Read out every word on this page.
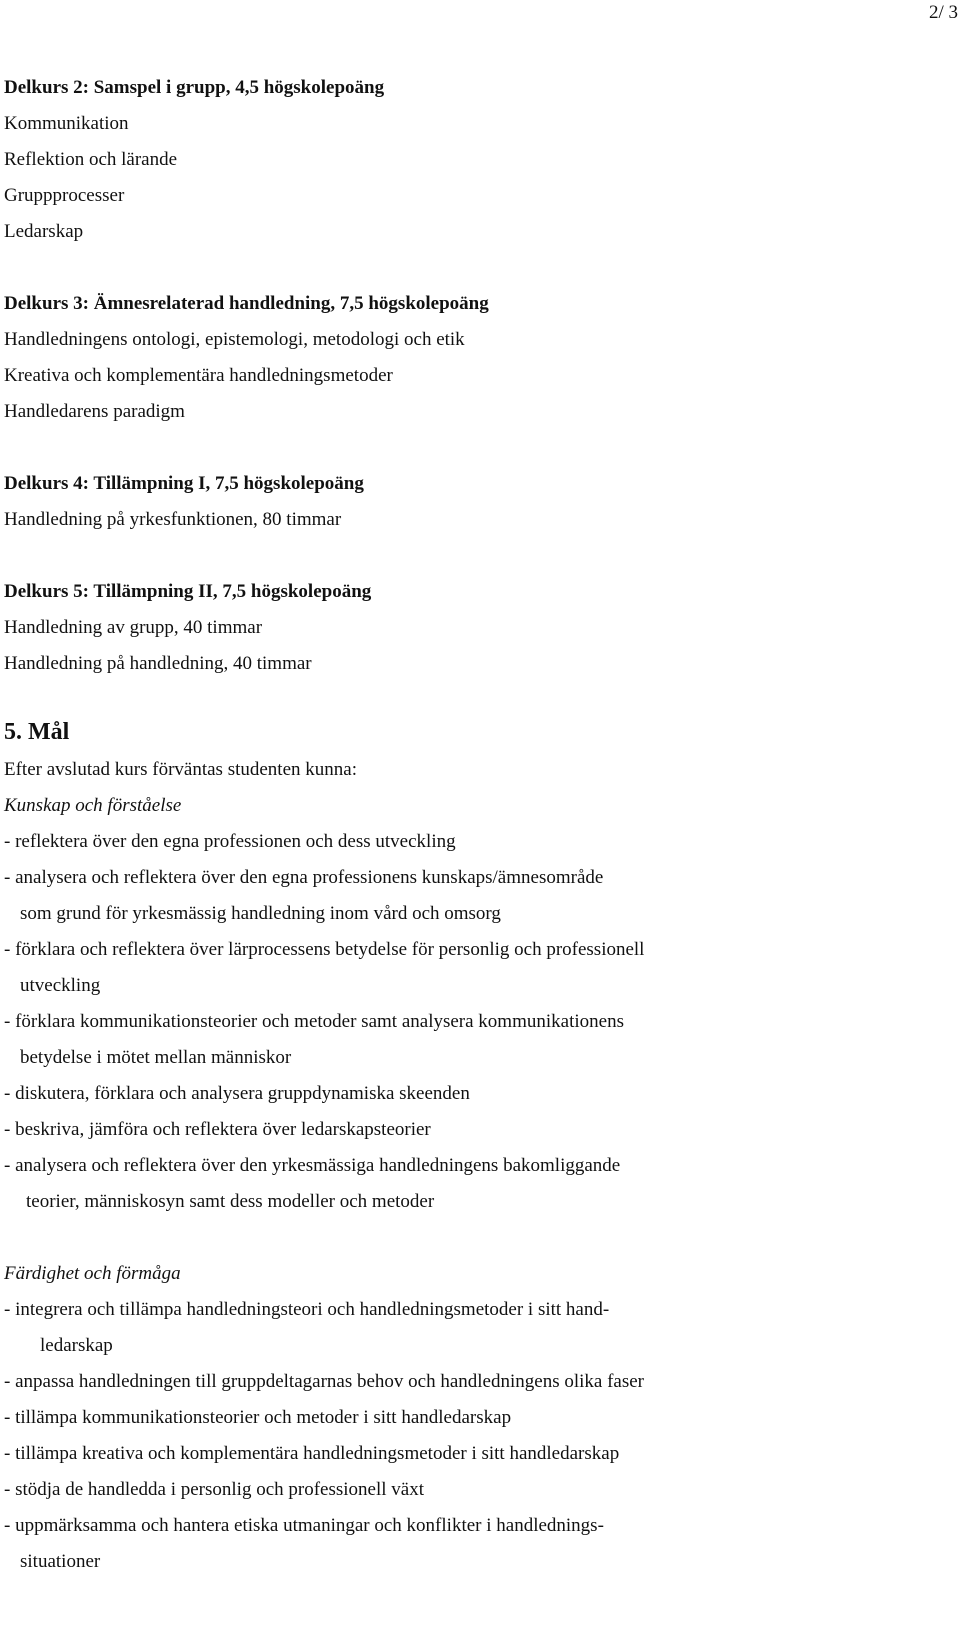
2/ 3
Delkurs 2: Samspel i grupp, 4,5 högskolepoäng
Kommunikation
Reflektion och lärande
Gruppprocesser
Ledarskap
Delkurs 3: Ämnesrelaterad handledning, 7,5 högskolepoäng
Handledningens ontologi, epistemologi, metodologi och etik
Kreativa och komplementära handledningsmetoder
Handledarens paradigm
Delkurs 4: Tillämpning I, 7,5 högskolepoäng
Handledning på yrkesfunktionen, 80 timmar
Delkurs 5: Tillämpning II, 7,5 högskolepoäng
Handledning av grupp, 40 timmar
Handledning på handledning, 40 timmar
5. Mål
Efter avslutad kurs förväntas studenten kunna:
Kunskap och förståelse
- reflektera över den egna professionen och dess utveckling
- analysera och reflektera över den egna professionens kunskaps/ämnesområde
som grund för yrkesmässig handledning inom vård och omsorg
- förklara och reflektera över lärprocessens betydelse för personlig och professionell
utveckling
- förklara kommunikationsteorier och metoder samt analysera kommunikationens
betydelse i mötet mellan människor
- diskutera, förklara och analysera gruppdynamiska skeenden
- beskriva, jämföra och reflektera över ledarskapsteorier
- analysera och reflektera över den yrkesmässiga handledningens bakomliggande
teorier, människosyn samt dess modeller och metoder
Färdighet och förmåga
- integrera och tillämpa handledningsteori och handledningsmetoder i sitt hand-
ledarskap
- anpassa handledningen till gruppdeltagarnas behov och handledningens olika faser
- tillämpa kommunikationsteorier och metoder i sitt handledarskap
- tillämpa kreativa och komplementära handledningsmetoder i sitt handledarskap
- stödja de handledda i personlig och professionell växt
- uppmärksamma och hantera etiska utmaningar och konflikter i handlednings-
situationer
